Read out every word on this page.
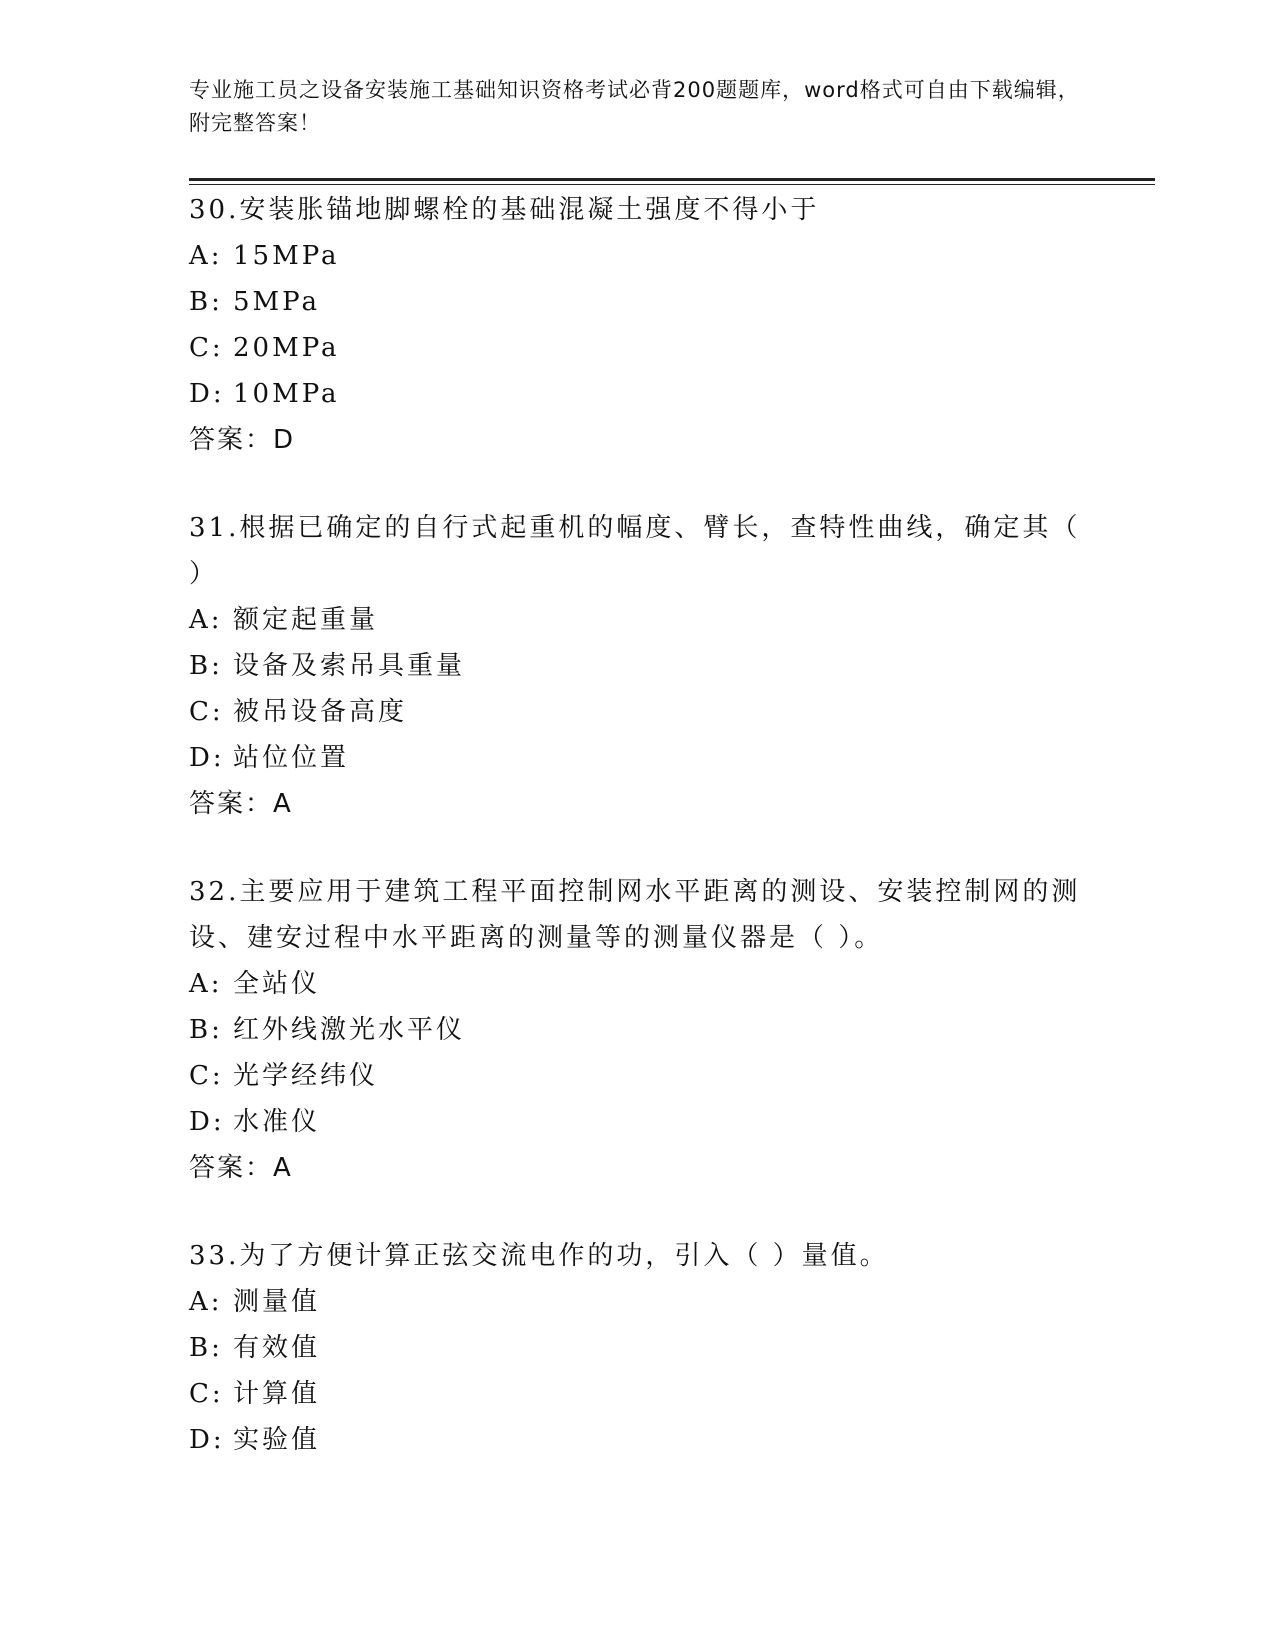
专业施工员之设备安装施工基础知识资格考试必背200题题库，word格式可自由下载编辑，附完整答案！
30.安装胀锚地脚螺栓的基础混凝土强度不得小于
A: 15MPa
B: 5MPa
C: 20MPa
D: 10MPa
答案：D
31.根据已确定的自行式起重机的幅度、臂长，查特性曲线，确定其（ ）
A: 额定起重量
B: 设备及索吊具重量
C: 被吊设备高度
D: 站位位置
答案：A
32.主要应用于建筑工程平面控制网水平距离的测设、安装控制网的测设、建安过程中水平距离的测量等的测量仪器是（ ）。
A: 全站仪
B: 红外线激光水平仪
C: 光学经纬仪
D: 水准仪
答案：A
33.为了方便计算正弦交流电作的功，引入（ ）量值。
A: 测量值
B: 有效值
C: 计算值
D: 实验值
